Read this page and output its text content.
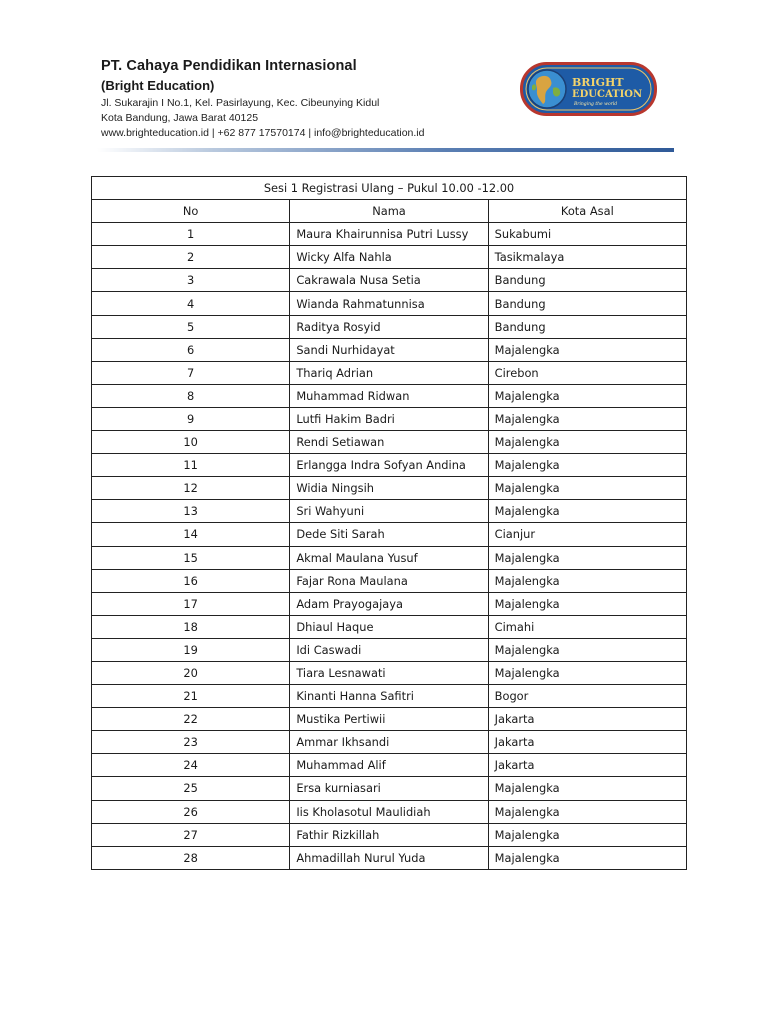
PT. Cahaya Pendidikan Internasional
(Bright Education)
Jl. Sukarajin I No.1, Kel. Pasirlayung, Kec. Cibeunying Kidul
Kota Bandung, Jawa Barat 40125
www.brighteducation.id | +62 877 17570174 | info@brighteducation.id
BRIGHT
EDUCATION
Bringing the world
Sesi 1 Registrasi Ulang – Pukul 10.00 -12.00		
No	Nama	Kota Asal
1	Maura Khairunnisa Putri Lussy	Sukabumi
2	Wicky Alfa Nahla	Tasikmalaya
3	Cakrawala Nusa Setia	Bandung
4	Wianda Rahmatunnisa	Bandung
5	Raditya Rosyid	Bandung
6	Sandi Nurhidayat	Majalengka
7	Thariq Adrian	Cirebon
8	Muhammad Ridwan	Majalengka
9	Lutfi Hakim Badri	Majalengka
10	Rendi Setiawan	Majalengka
11	Erlangga Indra Sofyan Andina	Majalengka
12	Widia Ningsih	Majalengka
13	Sri Wahyuni	Majalengka
14	Dede Siti Sarah	Cianjur
15	Akmal Maulana Yusuf	Majalengka
16	Fajar Rona Maulana	Majalengka
17	Adam Prayogajaya	Majalengka
18	Dhiaul Haque	Cimahi
19	Idi Caswadi	Majalengka
20	Tiara Lesnawati	Majalengka
21	Kinanti Hanna Safitri	Bogor
22	Mustika Pertiwii	Jakarta
23	Ammar Ikhsandi	Jakarta
24	Muhammad Alif	Jakarta
25	Ersa kurniasari	Majalengka
26	Iis Kholasotul Maulidiah	Majalengka
27	Fathir Rizkillah	Majalengka
28	Ahmadillah Nurul Yuda	Majalengka
